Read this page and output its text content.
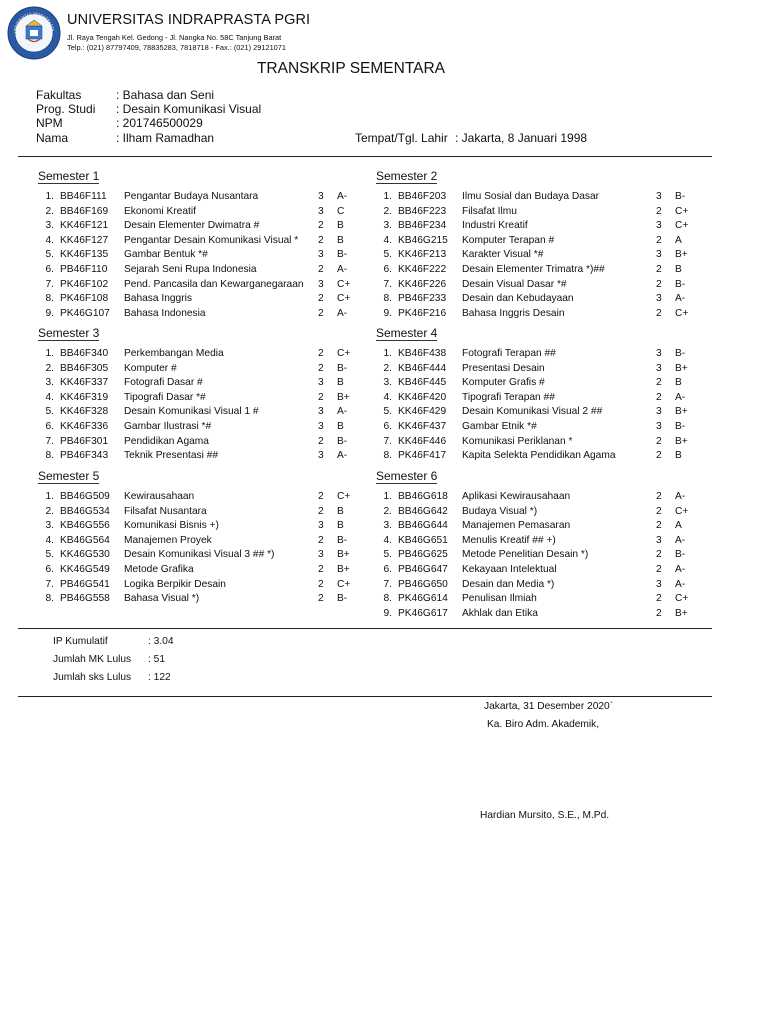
UNIVERSITAS INDRAPRASTA
P G R I
UNIVERSITAS INDRAPRASTA PGRI
Jl. Raya Tengah Kel. Gedong - Jl. Nangka No. 58C Tanjung Barat
Telp.: (021) 87797409, 78835283, 7818718 - Fax.: (021) 29121071
TRANSKRIP SEMENTARA
Fakultas	: Bahasa dan Seni
Prog. Studi : Desain Komunikasi Visual
NPM	: 201746500029
Nama	: Ilham Ramadhan	Tempat/Tgl. Lahir : Jakarta, 8 Januari 1998
Semester 1
1. BB46F111 Pengantar Budaya Nusantara	3 A-
2. BB46F169 Ekonomi Kreatif	3 C
3. KK46F121 Desain Elementer Dwimatra #	2 B
4. KK46F127 Pengantar Desain Komunikasi Visual * 2 B
5. KK46F135 Gambar Bentuk *#	3 B-
6. PB46F110 Sejarah Seni Rupa Indonesia	2 A-
7. PK46F102 Pend. Pancasila dan Kewarganegaraan 3 C+
8. PK46F108 Bahasa Inggris	2 C+
9. PK46G107 Bahasa Indonesia	2 A-
Semester 2
1. BB46F203 Ilmu Sosial dan Budaya Dasar	3 B-
2. BB46F223 Filsafat Ilmu	2 C+
3. BB46F234 Industri Kreatif	3 C+
4. KB46G215 Komputer Terapan #	2 A
5. KK46F213 Karakter Visual *#	3 B+
6. KK46F222 Desain Elementer Trimatra *)##	2 B
7. KK46F226 Desain Visual Dasar *#	2 B-
8. PB46F233 Desain dan Kebudayaan	3 A-
9. PK46F216 Bahasa Inggris Desain	2 C+
Semester 3
1. BB46F340 Perkembangan Media	2 C+
2. BB46F305 Komputer #	2 B-
3. KK46F337 Fotografi Dasar #	3 B
4. KK46F319 Tipografi Dasar *#	2 B+
5. KK46F328 Desain Komunikasi Visual 1 #	3 A-
6. KK46F336 Gambar Ilustrasi *#	3 B
7. PB46F301 Pendidikan Agama	2 B-
8. PB46F343 Teknik Presentasi ##	3 A-
Semester 4
1. KB46F438 Fotografi Terapan ##	3 B-
2. KB46F444 Presentasi Desain	3 B+
3. KB46F445 Komputer Grafis #	2 B
4. KK46F420 Tipografi Terapan ##	2 A-
5. KK46F429 Desain Komunikasi Visual 2 ##	3 B+
6. KK46F437 Gambar Etnik *#	3 B-
7. KK46F446 Komunikasi Periklanan *	2 B+
8. PK46F417 Kapita Selekta Pendidikan Agama	2 B
Semester 5
1. BB46G509 Kewirausahaan	2 C+
2. BB46G534 Filsafat Nusantara	2 B
3. KB46G556 Komunikasi Bisnis +)	3 B
4. KB46G564 Manajemen Proyek	2 B-
5. KK46G530 Desain Komunikasi Visual 3 ## *)	3 B+
6. KK46G549 Metode Grafika	2 B+
7. PB46G541 Logika Berpikir Desain	2 C+
8. PB46G558 Bahasa Visual *)	2 B-
Semester 6
1. BB46G618 Aplikasi Kewirausahaan	2 A-
2. BB46G642 Budaya Visual *)	2 C+
3. BB46G644 Manajemen Pemasaran	2 A
4. KB46G651 Menulis Kreatif ## +)	3 A-
5. PB46G625 Metode Penelitian Desain *)	2 B-
6. PB46G647 Kekayaan Intelektual	2 A-
7. PB46G650 Desain dan Media *)	3 A-
8. PK46G614 Penulisan Ilmiah	2 C+
9. PK46G617 Akhlak dan Etika	2 B+
IP Kumulatif	: 3.04
Jumlah MK Lulus : 51
Jumlah sks Lulus : 122
Jakarta, 31 Desember 2020`
Ka. Biro Adm. Akademik,
Hardian Mursito, S.E., M.Pd.
